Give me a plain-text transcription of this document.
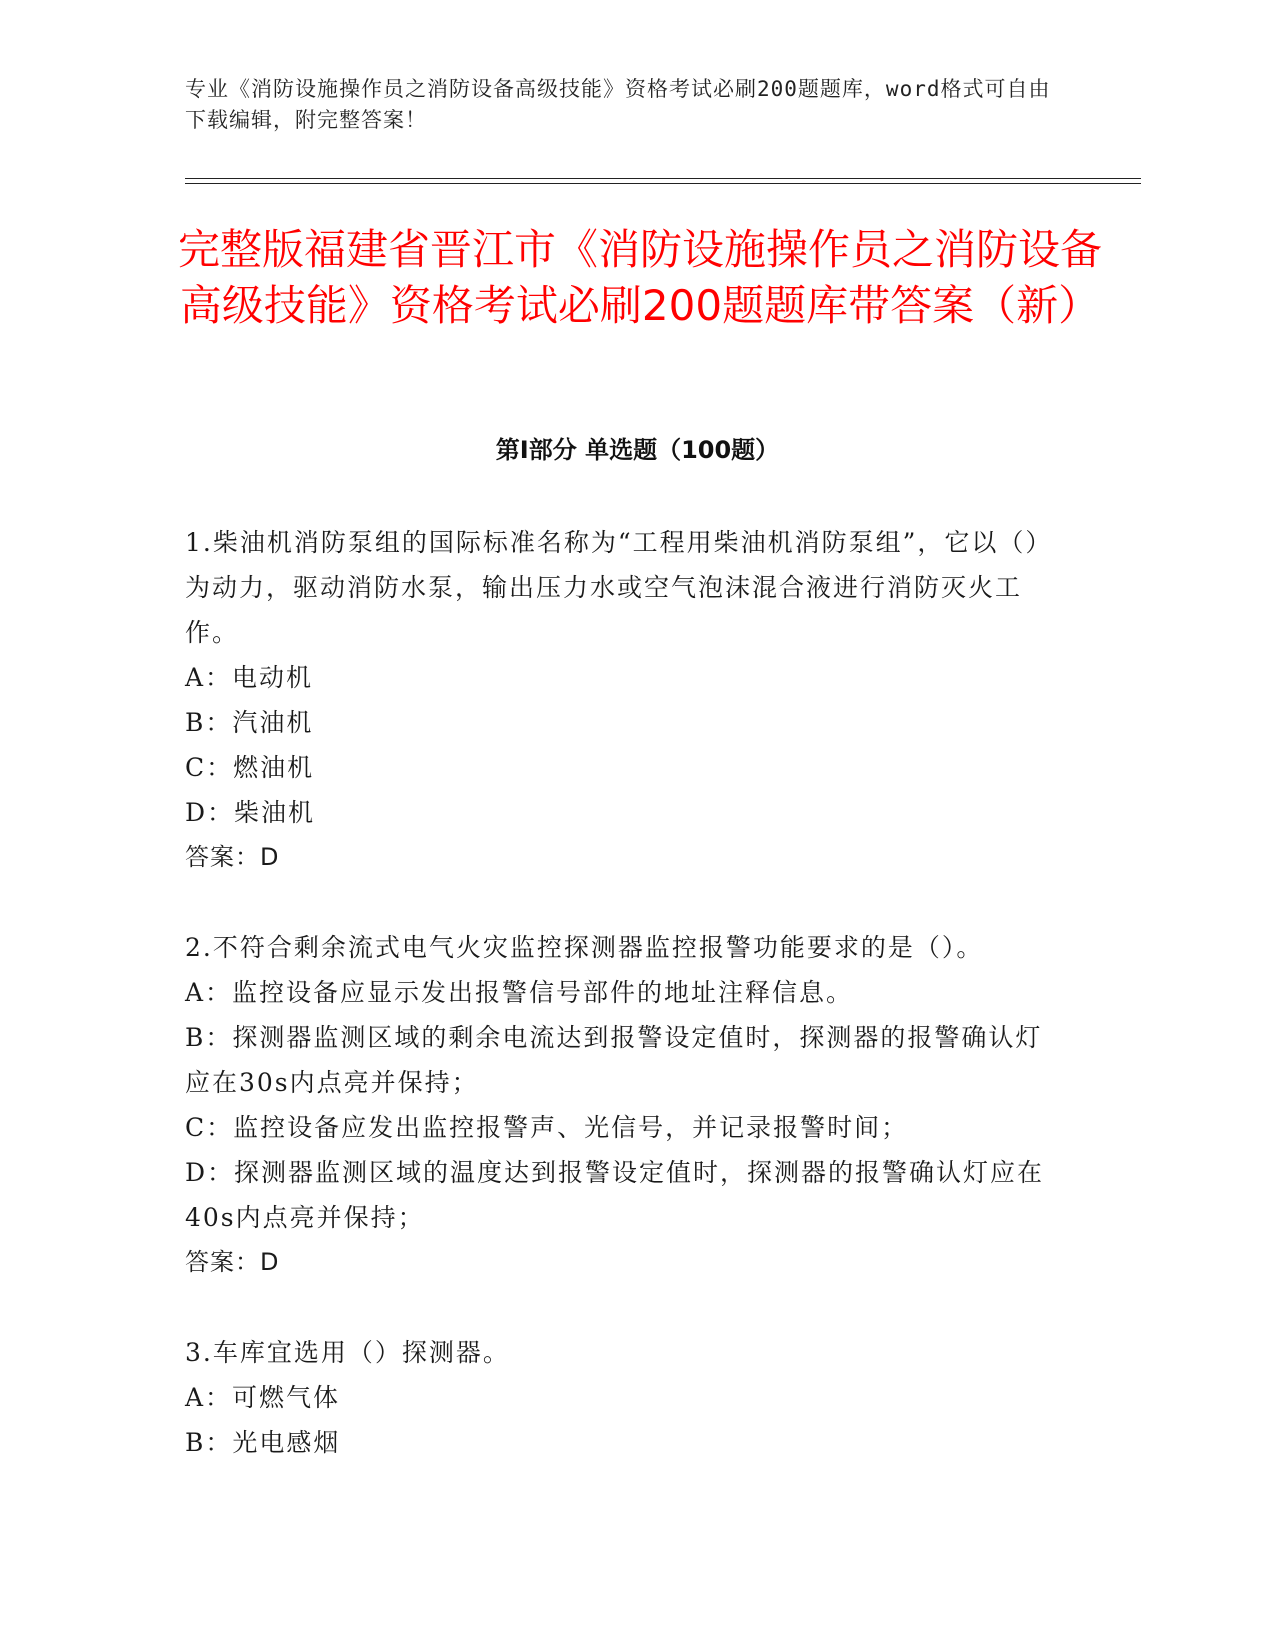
专业《消防设施操作员之消防设备高级技能》资格考试必刷200题题库，word格式可自由下载编辑，附完整答案！
完整版福建省晋江市《消防设施操作员之消防设备高级技能》资格考试必刷200题题库带答案（新）
第I部分 单选题（100题）
1.柴油机消防泵组的国际标准名称为“工程用柴油机消防泵组”，它以（）为动力，驱动消防水泵，输出压力水或空气泡沫混合液进行消防灭火工作。
A：电动机
B：汽油机
C：燃油机
D：柴油机
答案：D
2.不符合剩余流式电气火灾监控探测器监控报警功能要求的是（）。
A：监控设备应显示发出报警信号部件的地址注释信息。
B：探测器监测区域的剩余电流达到报警设定值时，探测器的报警确认灯应在30s内点亮并保持；
C：监控设备应发出监控报警声、光信号，并记录报警时间；
D：探测器监测区域的温度达到报警设定值时，探测器的报警确认灯应在40s内点亮并保持；
答案：D
3.车库宜选用（）探测器。
A：可燃气体
B：光电感烟
